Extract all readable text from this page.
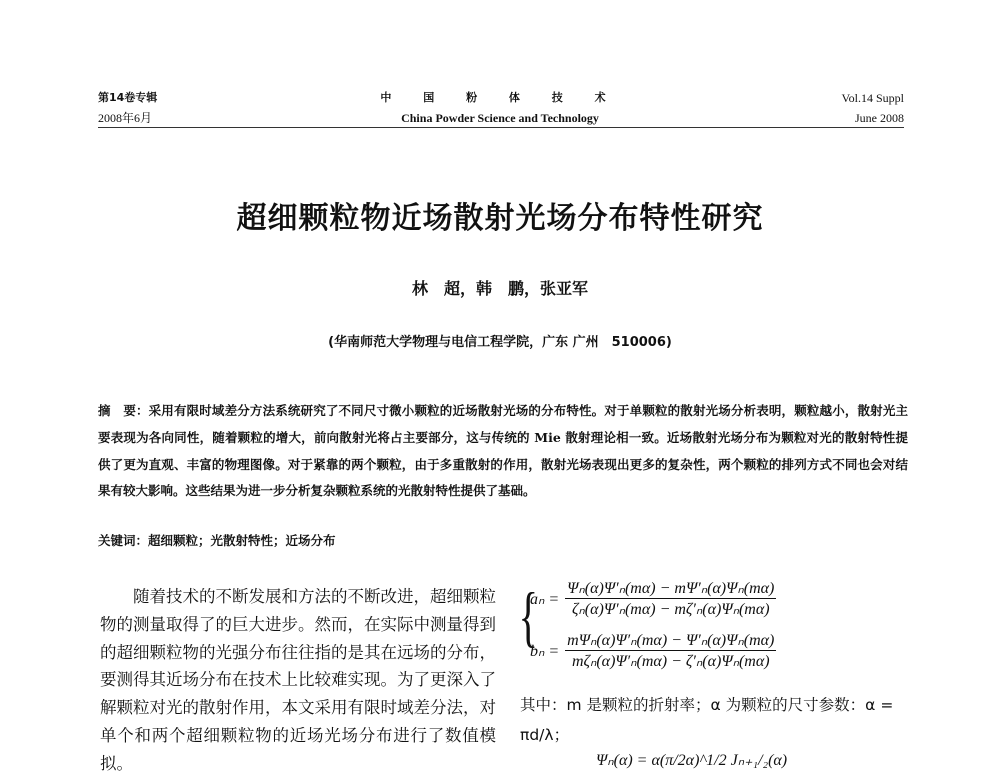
第14卷专辑
2008年6月
中 国 粉 体 技 术
China Powder Science and Technology
Vol.14 Suppl
June 2008
超细颗粒物近场散射光场分布特性研究
林　超，韩　鹏，张亚军
(华南师范大学物理与电信工程学院，广东 广州　510006)
摘　要：采用有限时域差分方法系统研究了不同尺寸微小颗粒的近场散射光场的分布特性。对于单颗粒的散射光场分析表明，颗粒越小，散射光主要表现为各向同性，随着颗粒的增大，前向散射光将占主要部分，这与传统的 Mie 散射理论相一致。近场散射光场分布为颗粒对光的散射特性提供了更为直观、丰富的物理图像。对于紧靠的两个颗粒，由于多重散射的作用，散射光场表现出更多的复杂性，两个颗粒的排列方式不同也会对结果有较大影响。这些结果为进一步分析复杂颗粒系统的光散射特性提供了基础。
关键词：超细颗粒；光散射特性；近场分布

随着技术的不断发展和方法的不断改进，超细颗粒物的测量取得了的巨大进步。然而，在实际中测量得到的超细颗粒物的光强分布往往指的是其在远场的分布，要测得其近场分布在技术上比较难实现。为了更深入了解颗粒对光的散射作用，本文采用有限时域差分法，对单个和两个超细颗粒物的近场光场分布进行了数值模拟。

{
$a_n = \frac{\text{Ψₙ(α)Ψ′ₙ(mα) − mΨ′ₙ(α)Ψₙ(mα)}}{\text{ζₙ(α)Ψ′ₙ(mα) − mζ′ₙ(α)Ψₙ(mα)}}$
$b_n = \frac{\text{mΨₙ(α)Ψ′ₙ(mα) − Ψ′ₙ(α)Ψₙ(mα)}}{\text{mζₙ(α)Ψ′ₙ(mα) − ζ′ₙ(α)Ψₙ(mα)}}$
其中：m 是颗粒的折射率；α 为颗粒的尺寸参数：α = πd/λ；
Ψₙ(α) = α(π/2α)^1/2 Jₙ₊₁/₂(α)
